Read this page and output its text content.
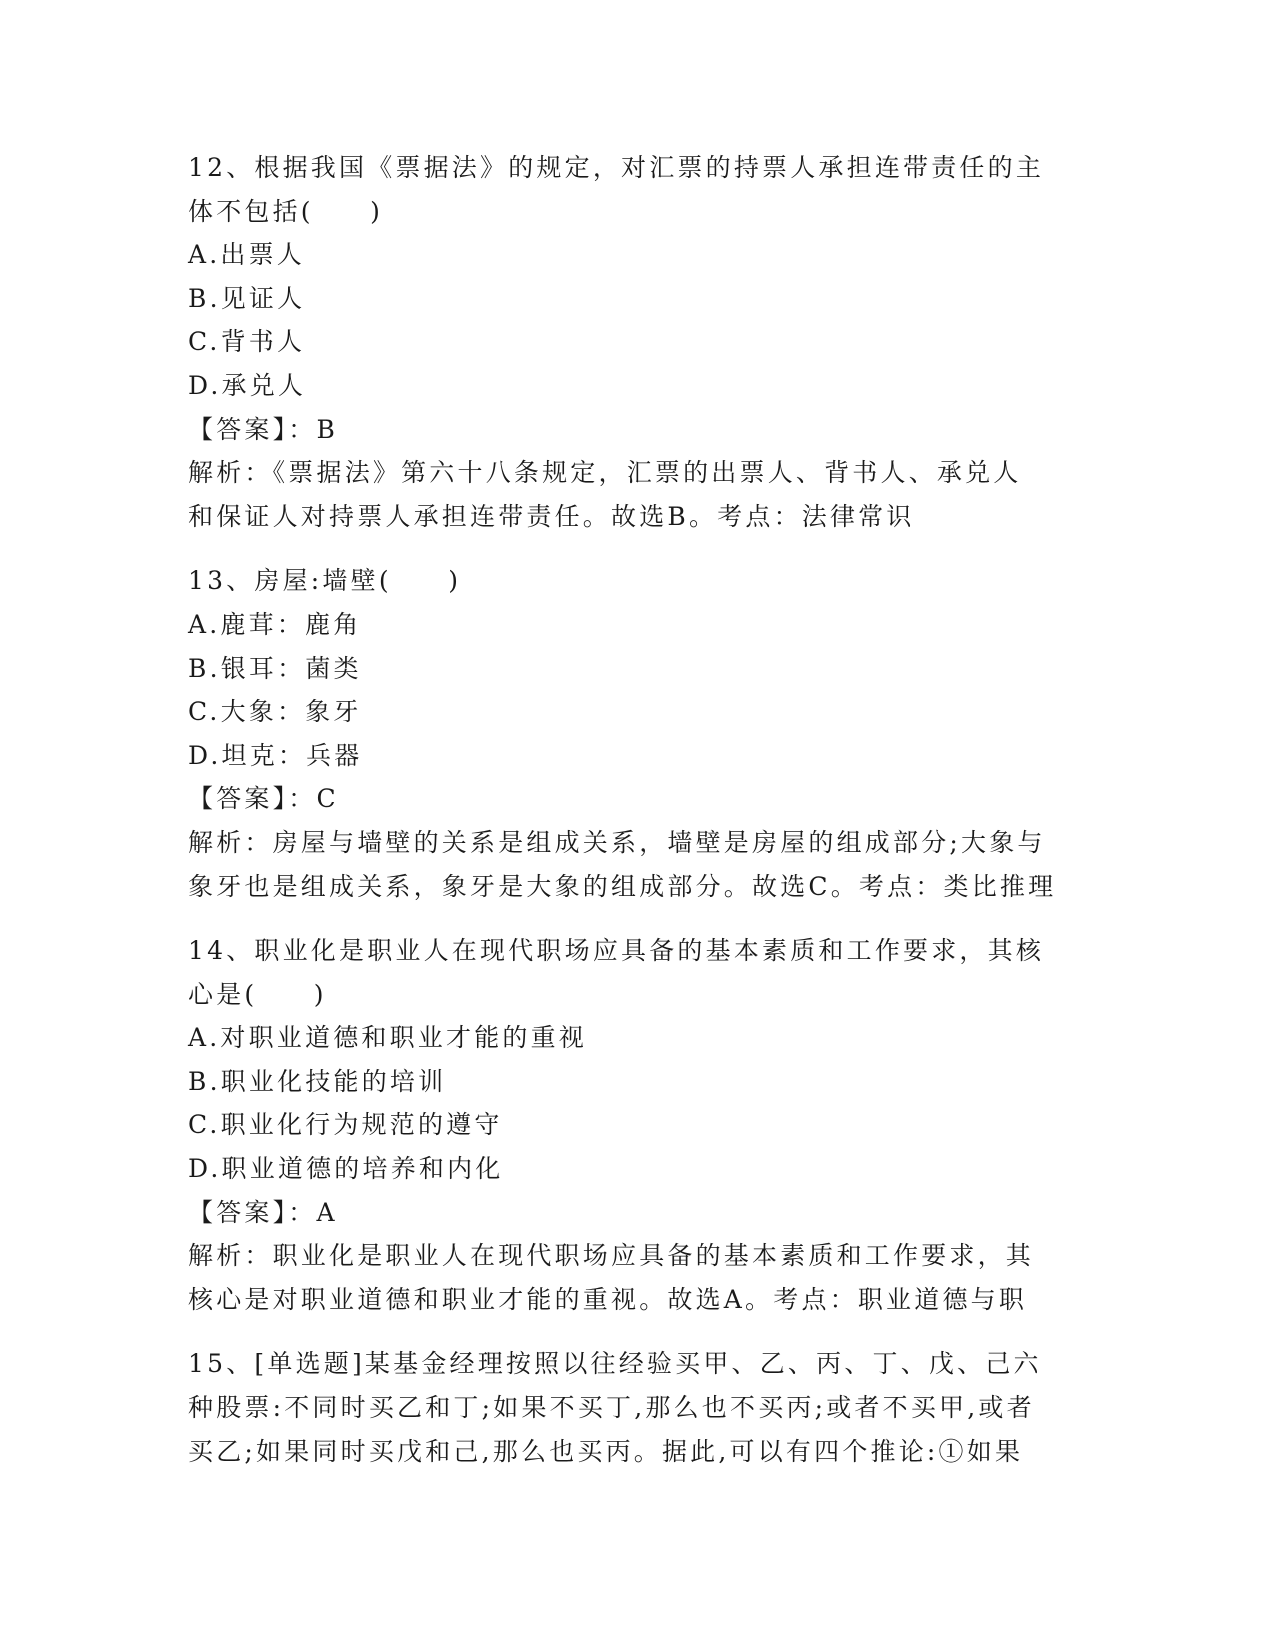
12、根据我国《票据法》的规定，对汇票的持票人承担连带责任的主

体不包括(　　)

A.出票人

B.见证人

C.背书人

D.承兑人

【答案】：B

解析：《票据法》第六十八条规定，汇票的出票人、背书人、承兑人

和保证人对持票人承担连带责任。故选B。考点：法律常识

13、房屋:墙壁(　　)

A.鹿茸：鹿角

B.银耳：菌类

C.大象：象牙

D.坦克：兵器

【答案】：C

解析：房屋与墙壁的关系是组成关系，墙壁是房屋的组成部分;大象与

象牙也是组成关系，象牙是大象的组成部分。故选C。考点：类比推理

14、职业化是职业人在现代职场应具备的基本素质和工作要求，其核

心是(　　)

A.对职业道德和职业才能的重视

B.职业化技能的培训

C.职业化行为规范的遵守

D.职业道德的培养和内化

【答案】：A

解析：职业化是职业人在现代职场应具备的基本素质和工作要求，其

核心是对职业道德和职业才能的重视。故选A。考点：职业道德与职

15、[单选题]某基金经理按照以往经验买甲、乙、丙、丁、戊、己六

种股票:不同时买乙和丁;如果不买丁,那么也不买丙;或者不买甲,或者

买乙;如果同时买戊和己,那么也买丙。据此,可以有四个推论:①如果
